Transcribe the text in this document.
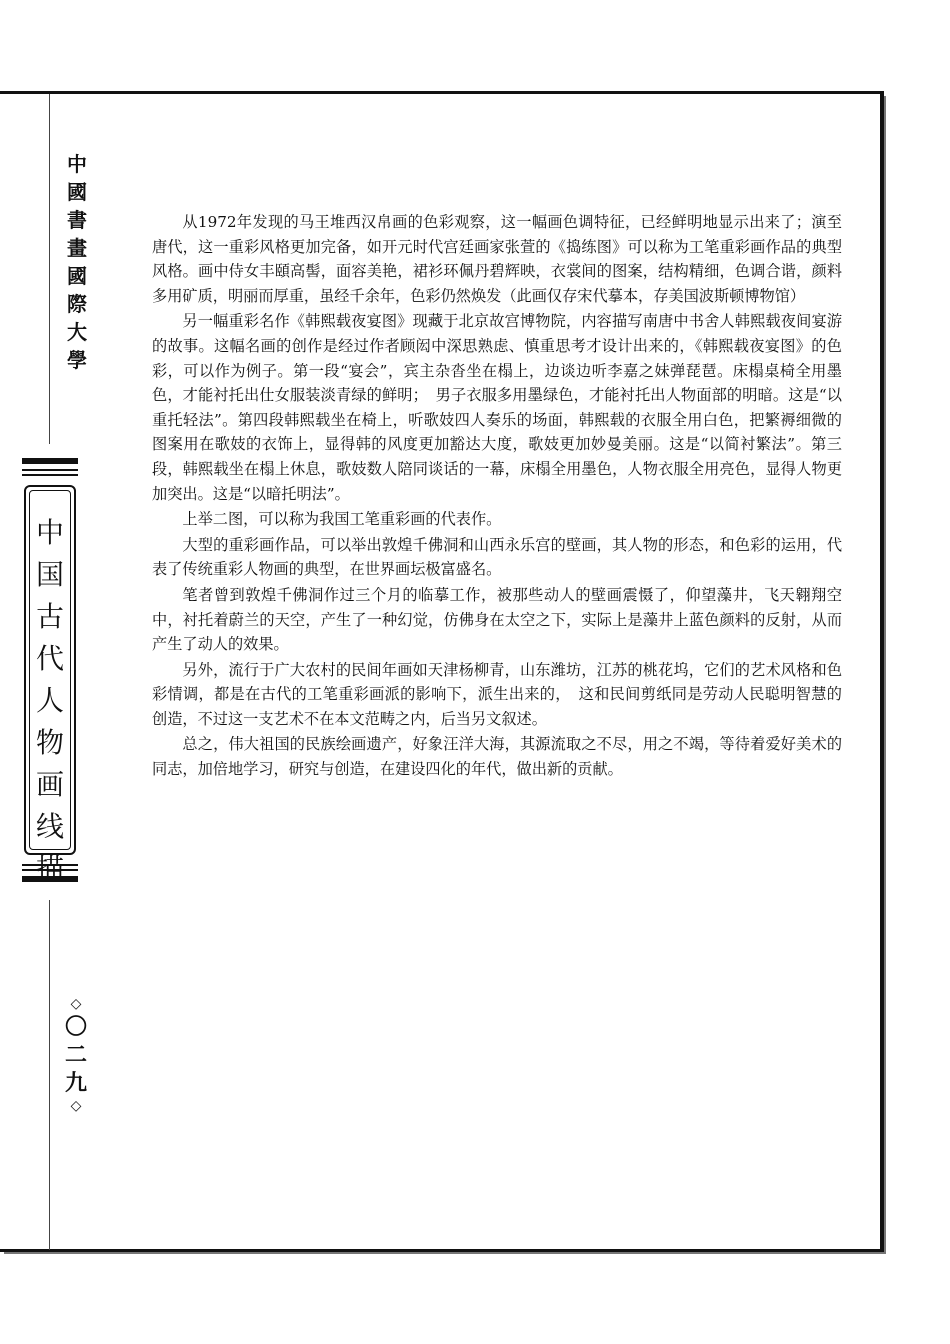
中
國
書
畫
國
際
大
學
中
国
古
代
人
物
画
线
◇
〇
二
九
◇

从1972年发现的马王堆西汉帛画的色彩观察，这一幅画色调特征，已经鲜明地显示出来了；演至唐代，这一重彩风格更加完备，如开元时代宫廷画家张萱的《捣练图》可以称为工笔重彩画作品的典型风格。画中侍女丰頤高髻，面容美艳，裙衫环佩丹碧辉映，衣裳间的图案，结构精细，色调合谐，颜料多用矿质，明丽而厚重，虽经千余年，色彩仍然焕发（此画仅存宋代摹本，存美国波斯顿博物馆）

另一幅重彩名作《韩熙载夜宴图》现藏于北京故宫博物院，内容描写南唐中书舍人韩熙载夜间宴游的故事。这幅名画的创作是经过作者顾闳中深思熟虑、慎重思考才设计出来的，《韩熙载夜宴图》的色彩，可以作为例子。第一段“宴会”，宾主杂沓坐在榻上，边谈边听李嘉之妹弹琵琶。床榻桌椅全用墨色，才能衬托出仕女服装淡青绿的鲜明；　男子衣服多用墨绿色，才能衬托出人物面部的明暗。这是“以重托轻法”。第四段韩熙载坐在椅上，听歌妓四人奏乐的场面，韩熙载的衣服全用白色，把繁褥细微的图案用在歌妓的衣饰上，显得韩的风度更加豁达大度，歌妓更加妙曼美丽。这是“以简衬繁法”。第三段，韩熙载坐在榻上休息，歌妓数人陪同谈话的一幕，床榻全用墨色，人物衣服全用亮色，显得人物更加突出。这是“以暗托明法”。

上举二图，可以称为我国工笔重彩画的代表作。

大型的重彩画作品，可以举出敦煌千佛洞和山西永乐宫的壁画，其人物的形态，和色彩的运用，代表了传统重彩人物画的典型，在世界画坛极富盛名。

笔者曾到敦煌千佛洞作过三个月的临摹工作，被那些动人的壁画震慑了，仰望藻井，飞天翱翔空中，衬托着蔚兰的天空，产生了一种幻觉，仿佛身在太空之下，实际上是藻井上蓝色颜料的反射，从而产生了动人的效果。

另外，流行于广大农村的民间年画如天津杨柳青，山东潍坊，江苏的桃花坞，它们的艺术风格和色彩情调，都是在古代的工笔重彩画派的影响下，派生出来的，　这和民间剪纸同是劳动人民聪明智慧的创造，不过这一支艺术不在本文范畴之内，后当另文叙述。

总之，伟大祖国的民族绘画遗产，好象汪洋大海，其源流取之不尽，用之不竭，等待着爱好美术的同志，加倍地学习，研究与创造，在建设四化的年代，做出新的贡献。
